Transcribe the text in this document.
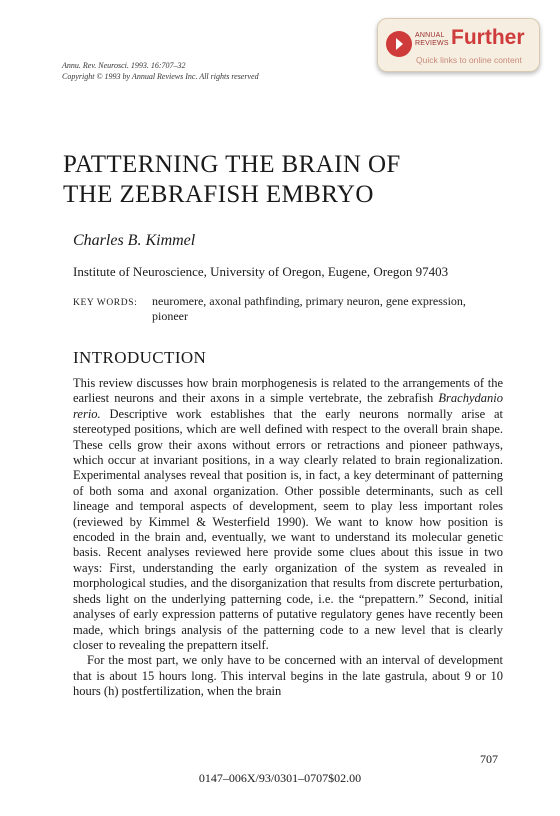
ANNUAL
REVIEWS Further
Quick links to online content
Annu. Rev. Neurosci. 1993. 16:707–32
Copyright © 1993 by Annual Reviews Inc. All rights reserved
PATTERNING THE BRAIN OF
THE ZEBRAFISH EMBRYO
Charles B. Kimmel
Institute of Neuroscience, University of Oregon, Eugene, Oregon 97403
KEY WORDS: neuromere, axonal pathfinding, primary neuron, gene expression, pioneer
INTRODUCTION

This review discusses how brain morphogenesis is related to the arrangements of the earliest neurons and their axons in a simple vertebrate, the zebrafish Brachydanio rerio. Descriptive work establishes that the early neurons normally arise at stereotyped positions, which are well defined with respect to the overall brain shape. These cells grow their axons without errors or retractions and pioneer pathways, which occur at invariant positions, in a way clearly related to brain regionalization. Experimental analyses reveal that position is, in fact, a key determinant of patterning of both soma and axonal organization. Other possible determinants, such as cell lineage and temporal aspects of development, seem to play less important roles (reviewed by Kimmel & Westerfield 1990). We want to know how position is encoded in the brain and, eventually, we want to understand its molecular genetic basis. Recent analyses reviewed here provide some clues about this issue in two ways: First, understanding the early organization of the system as revealed in morphological studies, and the disorganization that results from discrete perturbation, sheds light on the underlying patterning code, i.e. the “prepattern.” Second, initial analyses of early expression patterns of putative regulatory genes have recently been made, which brings analysis of the patterning code to a new level that is clearly closer to revealing the prepattern itself.

For the most part, we only have to be concerned with an interval of development that is about 15 hours long. This interval begins in the late gastrula, about 9 or 10 hours (h) postfertilization, when the brain

707
0147–006X/93/0301–0707$02.00
